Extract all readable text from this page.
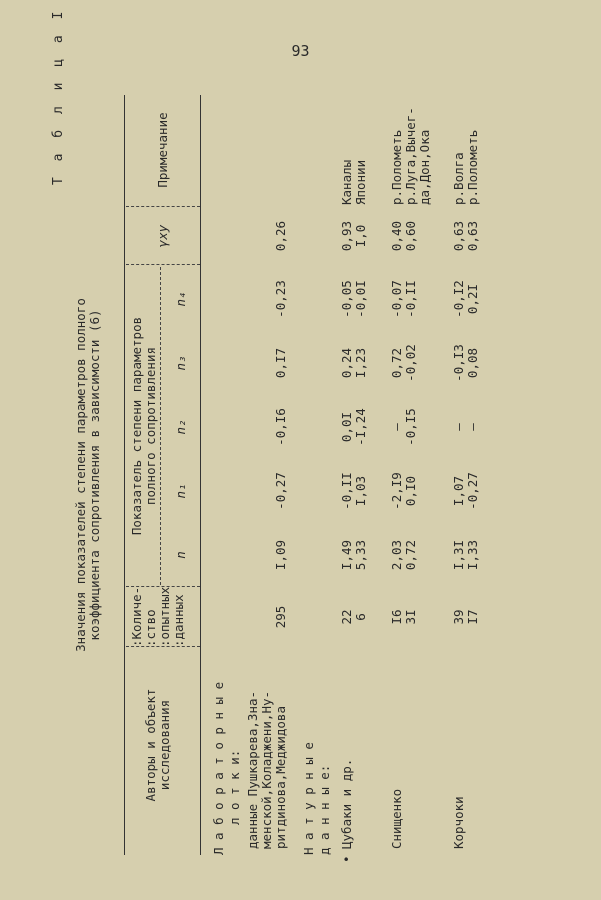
93
Т а б л и ц а I
Значения показателей степени параметров полного коэффициента сопротивления в зависимости (6)
Авторы и объект исследования
:Количе- :ство :опытных :данных
Показатель степени параметров полного сопротивления
n
n₁
n₂
n₃
n₄
γxy
Примечание
Л а б о р а т о р н ы е л о т к и:	Н а т у р н ы е д а н н ы е:
•
данные Пушкарева,Зна- менской,Коладжени,Ну- ритдинова,Меджидова
295
I,09
-0,27
-0,I6
0,I7
-0,23
0,26
Цубаки и др.
22 6
I,49 5,33
-0,II I,03
0,0I -I,24
0,24 I,23
-0,05 -0,0I
0,93 I,0
Каналы Японии
Снищенко
I6 3I
2,03 0,72
-2,I9 0,I0
– -0,I5
0,72 -0,02
-0,07 -0,II
0,40 0,60
р.Полометь р.Луга,Вычег- да,Дон,Ока
Корчоки
39 I7
I,3I I,33
I,07 -0,27
– –
-0,I3 0,08
-0,I2 0,2I
0,63 0,63
р.Волга р.Полометь
